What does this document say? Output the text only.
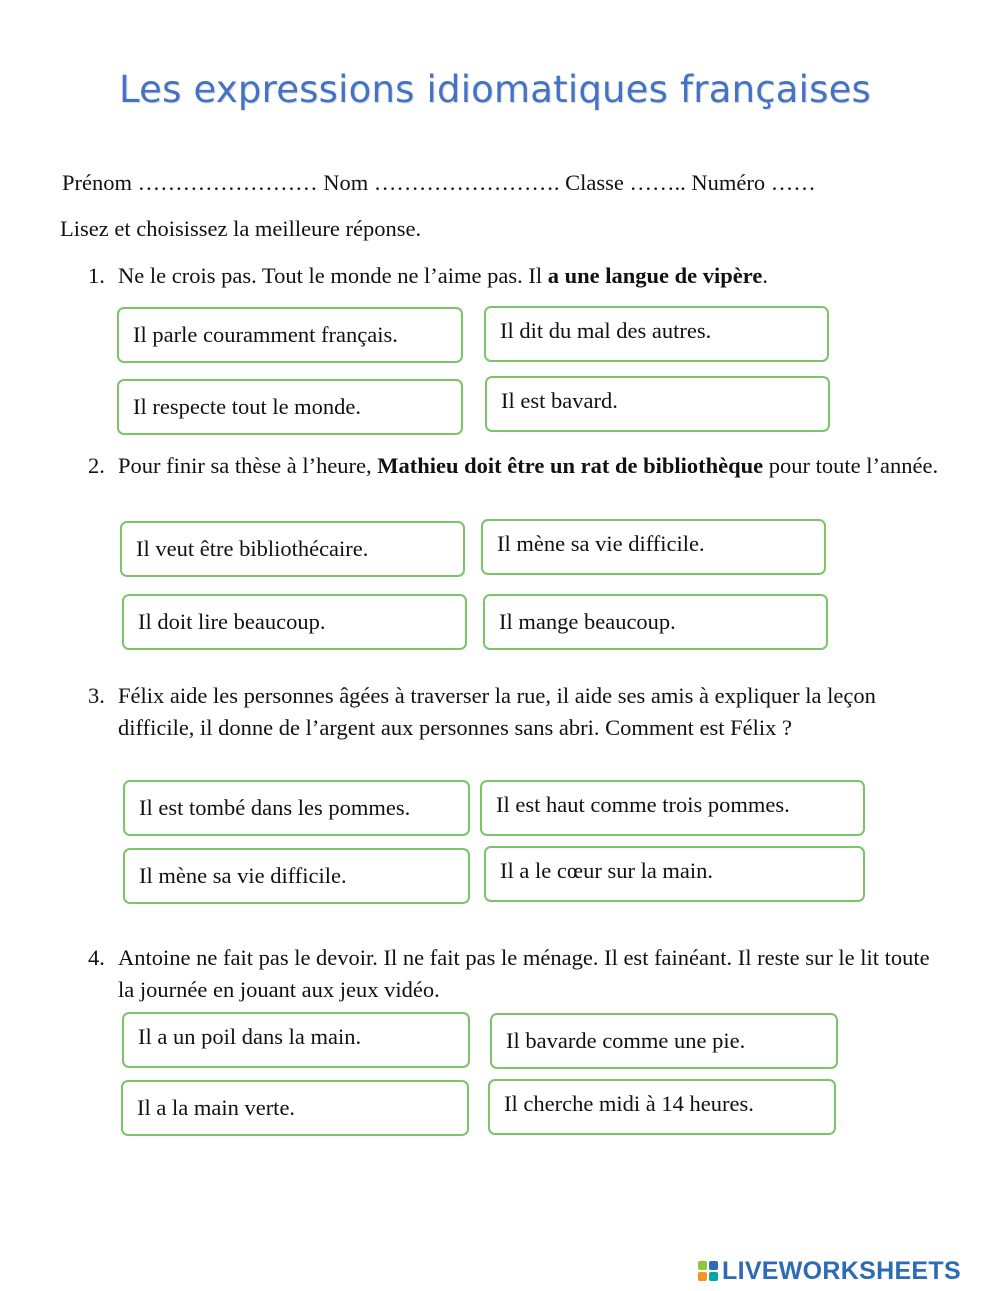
Les expressions idiomatiques françaises

Prénom …………………… Nom ……………………. Classe …….. Numéro ……

Lisez et choisissez la meilleure réponse.

1. Ne le crois pas. Tout le monde ne l’aime pas. Il a une langue de vipère.
Il parle couramment français.	Il dit du mal des autres.
Il respecte tout le monde.	Il est bavard.
2. Pour finir sa thèse à l’heure, Mathieu doit être un rat de bibliothèque pour toute l’année.
Il veut être bibliothécaire.	Il mène sa vie difficile.
Il doit lire beaucoup.	Il mange beaucoup.
3. Félix aide les personnes âgées à traverser la rue, il aide ses amis à expliquer la leçon difficile, il donne de l’argent aux personnes sans abri. Comment est Félix ?
Il est tombé dans les pommes.	Il est haut comme trois pommes.
Il mène sa vie difficile.	Il a le cœur sur la main.
4. Antoine ne fait pas le devoir. Il ne fait pas le ménage. Il est fainéant. Il reste sur le lit toute la journée en jouant aux jeux vidéo.
Il a un poil dans la main.	Il bavarde comme une pie.
Il a la main verte.	Il cherche midi à 14 heures.
LIVEWORKSHEETS
